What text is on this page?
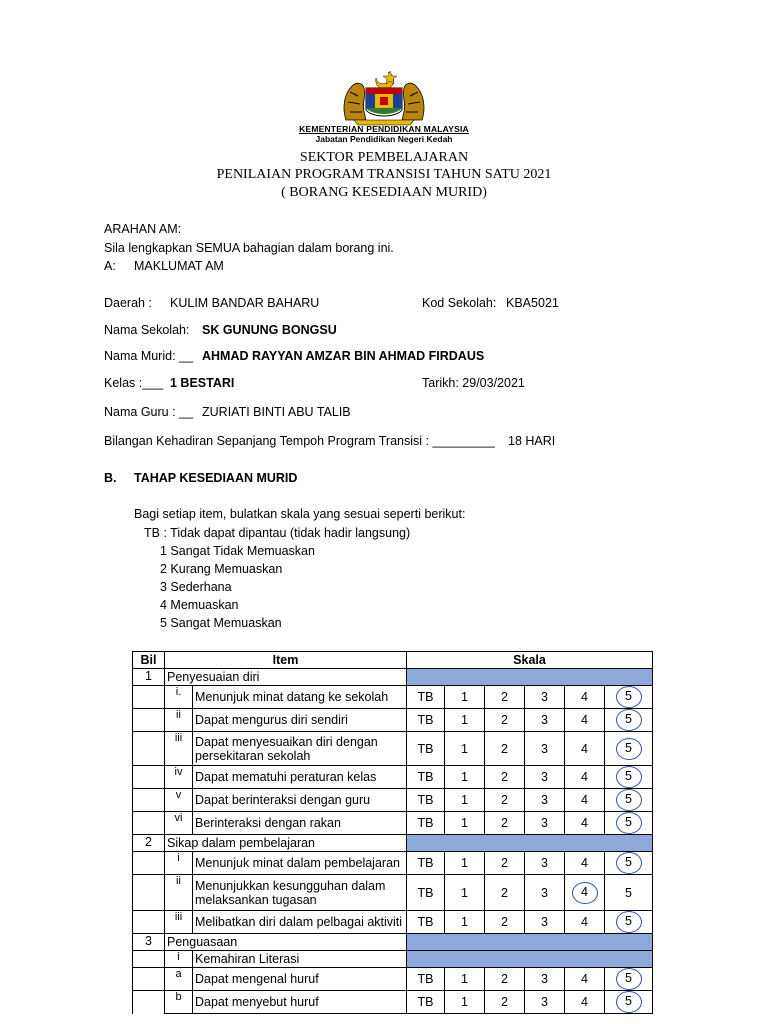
KEMENTERIAN PENDIDIKAN MALAYSIA
Jabatan Pendidikan Negeri Kedah
SEKTOR PEMBELAJARAN
PENILAIAN PROGRAM TRANSISI TAHUN SATU 2021
( BORANG KESEDIAAN MURID)
ARAHAN AM:
Sila lengkapkan SEMUA bahagian dalam borang ini.
A: MAKLUMAT AM
Daerah : KULIM BANDAR BAHARU	Kod Sekolah: KBA5021
Nama Sekolah: SK GUNUNG BONGSU
Nama Murid: __ AHMAD RAYYAN AMZAR BIN AHMAD FIRDAUS
Kelas :___ 1 BESTARI	Tarikh: 29/03/2021
Nama Guru : __ ZURIATI BINTI ABU TALIB
Bilangan Kehadiran Sepanjang Tempoh Program Transisi : _________ 18 HARI
B. TAHAP KESEDIAAN MURID
Bagi setiap item, bulatkan skala yang sesuai seperti berikut:
TB : Tidak dapat dipantau (tidak hadir langsung)
1 Sangat Tidak Memuaskan
2 Kurang Memuaskan
3 Sederhana
4 Memuaskan
5 Sangat Memuaskan
Bil	Item		Skala					
1	Penyesuaian diri							
	i.	Menunjuk minat datang ke sekolah	TB	1	2	3	4	5
	ii	Dapat mengurus diri sendiri	TB	1	2	3	4	5
	iii	Dapat menyesuaikan diri dengan persekitaran sekolah	TB	1	2	3	4	5
	iv	Dapat mematuhi peraturan kelas	TB	1	2	3	4	5
	v	Dapat berinteraksi dengan guru	TB	1	2	3	4	5
	vi	Berinteraksi dengan rakan	TB	1	2	3	4	5
2	Sikap dalam pembelajaran							
	i	Menunjuk minat dalam pembelajaran	TB	1	2	3	4	5
	ii	Menunjukkan kesungguhan dalam melaksankan tugasan	TB	1	2	3	4	5
	iii	Melibatkan diri dalam pelbagai aktiviti	TB	1	2	3	4	5
3	Penguasaan							
	i	Kemahiran Literasi						
	a	Dapat mengenal huruf	TB	1	2	3	4	5
	b	Dapat menyebut huruf	TB	1	2	3	4	5
